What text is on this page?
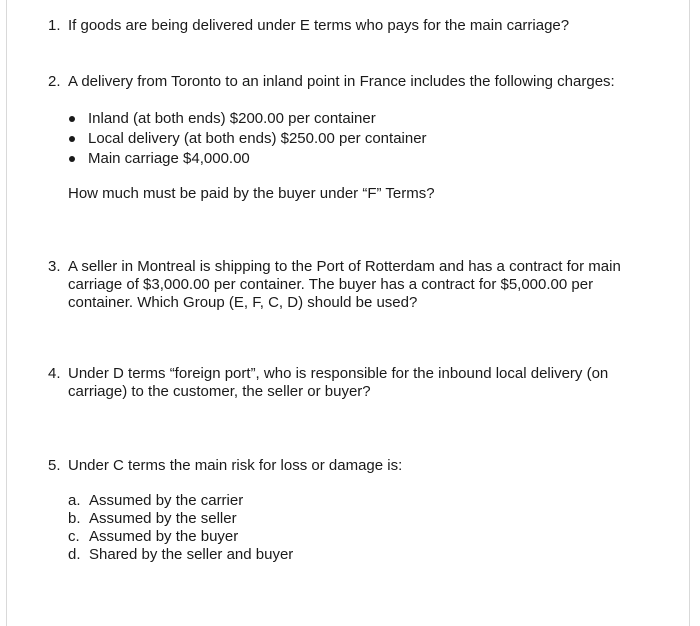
1. If goods are being delivered under E terms who pays for the main carriage?
2. A delivery from Toronto to an inland point in France includes the following charges:
Inland (at both ends) $200.00 per container
Local delivery (at both ends) $250.00 per container
Main carriage $4,000.00
How much must be paid by the buyer under “F” Terms?
3. A seller in Montreal is shipping to the Port of Rotterdam and has a contract for main
carriage of $3,000.00 per container. The buyer has a contract for $5,000.00 per
container. Which Group (E, F, C, D) should be used?
4. Under D terms “foreign port”, who is responsible for the inbound local delivery (on
carriage) to the customer, the seller or buyer?
5. Under C terms the main risk for loss or damage is:
a. Assumed by the carrier
b. Assumed by the seller
c. Assumed by the buyer
d. Shared by the seller and buyer
